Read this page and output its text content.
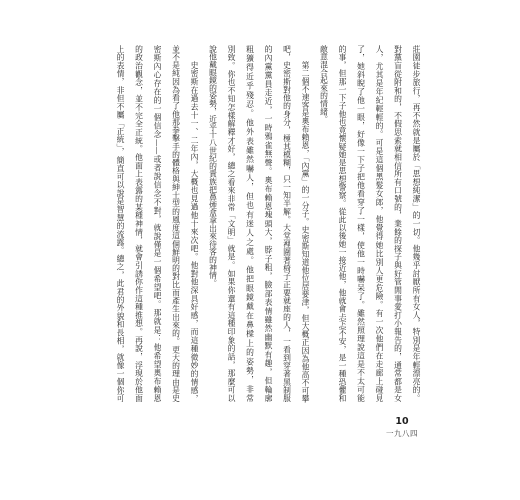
莊園徒步旅行，再不然就是屬於「思想純潔」的一切。他幾乎討厭所有女人，特別是年輕漂亮的。
對黨盲從附和的，不假思索就相信所有口號的，業餘的探子與好管閒事愛打小報告的，通常都是女
人，尤其是年紀輕輕的。可是這個黑髮女郎，他覺得她比別人更危險。有一次他們在走廊上碰見
了，她斜睨了他一眼，好像一下子把他看穿了一樣，使他一時嚇呆了。雖然照理說這是不太可能
的事，但那一下子他也竟懷疑她是思想警察。從此以後她一接近他，他就會忐忑不安，是一種恐懼和
敵意混合起來的情緒。
第二個不速客是奧布賴恩，「內黨」的一分子。史密斯知道他位居要津，但大概正因為他高不可攀
吧，史密斯對他的身分，極其模糊，只一知半解。大堂裡圍著椅子正要就座的人，一看到穿著黑制服
的內黨黨員走近，一時鴉雀無聲。奧布賴恩塊頭大，脖子粗，臉部表情雖然幽默有趣，但輪廓
粗獷得近乎殘忍。他外表雖然嚇人，但也有迷人之處。他把眼鏡戴在鼻樑上的姿勢，非常
別致。你也不知怎樣解釋才好，總之看來非常「文明」就是。如果你還有這種印象的話，那麼可以
說他戴眼鏡的姿勢，近乎十八世紀的貴族把鼻煙盒拿出來待客的神情。
史密斯在過去十一、二年內，大概也見過他十來次吧。他對他深具好感，而這種微妙的情感，
並不是純因為看了他那拳擊手的體格與紳士型的風度這個鮮明的對比而產生出來的。更大的理由是史
密斯內心存在的一個信念——或者說信念不對，就說僅是一個希望吧。那就是：他希望奧布賴恩
的政治觀念，並不完全正統。他面上表露的某種神情，就會引誘你作這種推想。再說，浮現於他面
上的表情，非但不屬「正統」，簡直可以說是智慧的流露。總之，此君的外貌和長相，就像一個你可
10
一九八四
